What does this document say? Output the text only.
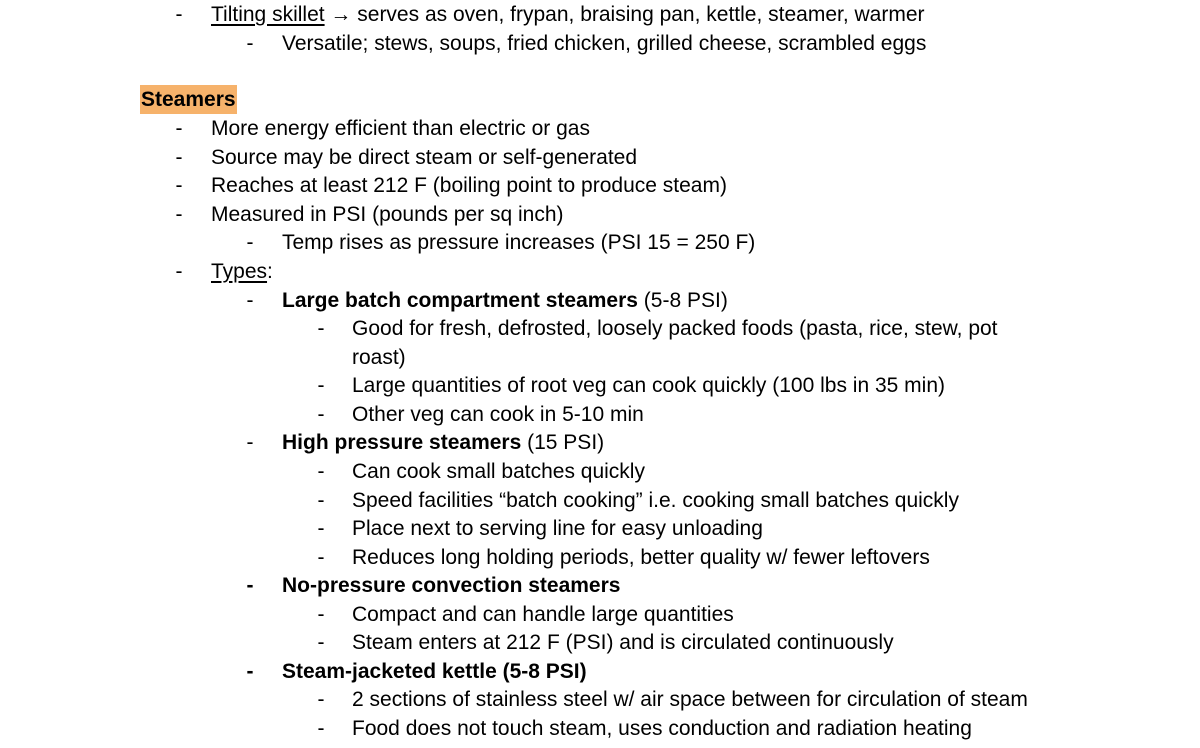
- Tilting skillet → serves as oven, frypan, braising pan, kettle, steamer, warmer
- Versatile; stews, soups, fried chicken, grilled cheese, scrambled eggs
Steamers
- More energy efficient than electric or gas
- Source may be direct steam or self-generated
- Reaches at least 212 F (boiling point to produce steam)
- Measured in PSI (pounds per sq inch)
- Temp rises as pressure increases (PSI 15 = 250 F)
- Types:
- Large batch compartment steamers (5-8 PSI)
- Good for fresh, defrosted, loosely packed foods (pasta, rice, stew, pot
roast)
- Large quantities of root veg can cook quickly (100 lbs in 35 min)
- Other veg can cook in 5-10 min
- High pressure steamers (15 PSI)
- Can cook small batches quickly
- Speed facilities “batch cooking” i.e. cooking small batches quickly
- Place next to serving line for easy unloading
- Reduces long holding periods, better quality w/ fewer leftovers
- No-pressure convection steamers
- Compact and can handle large quantities
- Steam enters at 212 F (PSI) and is circulated continuously
- Steam-jacketed kettle (5-8 PSI)
- 2 sections of stainless steel w/ air space between for circulation of steam
- Food does not touch steam, uses conduction and radiation heating
